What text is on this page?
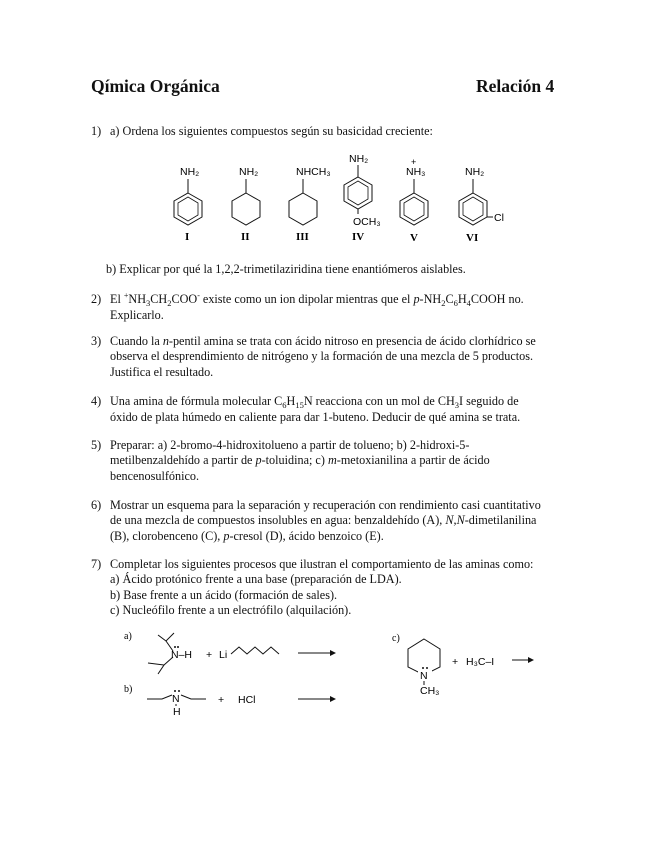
Qímica Orgánica	Relación 4
1) a) Ordena los siguientes compuestos según su basicidad creciente:
NH₂
I
NH₂
II
NHCH₃
III
NH₂
OCH₃
IV
+
NH₃
V
NH₂
Cl
VI
b) Explicar por qué la 1,2,2-trimetilaziridina tiene enantiómeros aislables.
2) El $^+NH_3CH_2COO^-$ existe como un ion dipolar mientras que el $p-NH_2C_6H_4COOH$ no.
Explicarlo.
3) Cuando la n-pentil amina se trata con ácido nitroso en presencia de ácido clorhídrico se
observa el desprendimiento de nitrógeno y la formación de una mezcla de 5 productos.
Justifica el resultado.
4) Una amina de fórmula molecular $C_6H_{15}N$ reacciona con un mol de $CH_3I$ seguido de
óxido de plata húmedo en caliente para dar 1-buteno. Deducir de qué amina se trata.
5) Preparar: a) 2-bromo-4-hidroxitolueno a partir de tolueno; b) 2-hidroxi-5-
metilbenzaldehído a partir de p-toluidina; c) m-metoxianilina a partir de ácido
bencenosulfónico.
6) Mostrar un esquema para la separación y recuperación con rendimiento casi cuantitativo
de una mezcla de compuestos insolubles en agua: benzaldehído (A), N,N-dimetilanilina
(B), clorobenceno (C), p-cresol (D), ácido benzoico (E).
7) Completar los siguientes procesos que ilustran el comportamiento de las aminas como:
a) Ácido protónico frente a una base (preparación de LDA).
b) Base frente a un ácido (formación de sales).
c) Nucleófilo frente a un electrófilo (alquilación).
a)
N–H + Li
b)
N
H
+ HCl
c)
N
CH₃
+ H₃C–I
